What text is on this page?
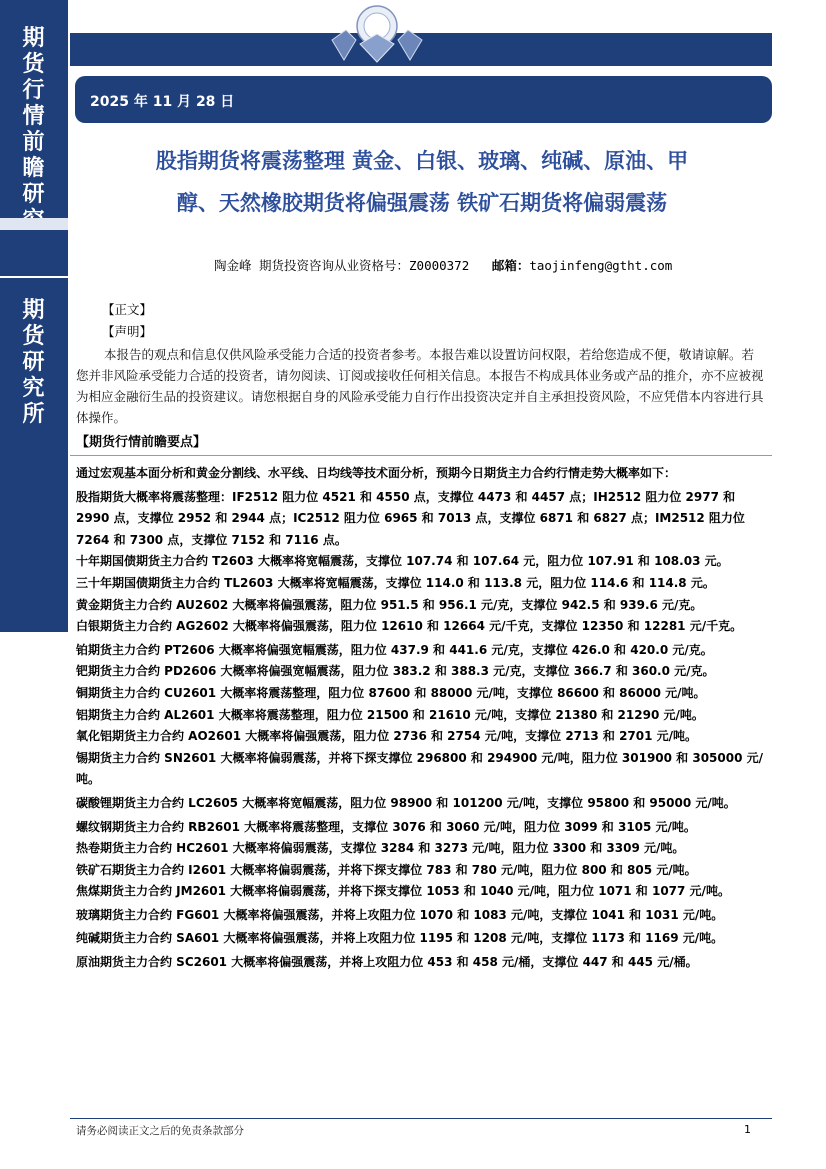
期货行情前瞻研
期货研究所
2025 年 11 月 28 日
股指期货将震荡整理 黄金、白银、玻璃、纯碱、原油、甲
醇、天然橡胶期货将偏强震荡 铁矿石期货将偏弱震荡
陶金峰 期货投资咨询从业资格号：Z0000372 邮箱：taojinfeng@gtht.com
【正文】
【声明】
本报告的观点和信息仅供风险承受能力合适的投资者参考。本报告难以设置访问权限，若给您造成不便，敬请谅解。若您并非风险承受能力合适的投资者，请勿阅读、订阅或接收任何相关信息。本报告不构成具体业务或产品的推介，亦不应被视为相应金融衍生品的投资建议。请您根据自身的风险承受能力自行作出投资决定并自主承担投资风险，不应凭借本内容进行具体操作。
【期货行情前瞻要点】

通过宏观基本面分析和黄金分割线、水平线、日均线等技术面分析，预期今日期货主力合约行情走势大概率如下：

股指期货大概率将震荡整理：IF2512 阻力位 4521 和 4550 点，支撑位 4473 和 4457 点；IH2512 阻力位 2977 和 2990 点，支撑位 2952 和 2944 点；IC2512 阻力位 6965 和 7013 点，支撑位 6871 和 6827 点；IM2512 阻力位 7264 和 7300 点，支撑位 7152 和 7116 点。

十年期国债期货主力合约 T2603 大概率将宽幅震荡，支撑位 107.74 和 107.64 元，阻力位 107.91 和 108.03 元。

三十年期国债期货主力合约 TL2603 大概率将宽幅震荡，支撑位 114.0 和 113.8 元，阻力位 114.6 和 114.8 元。

黄金期货主力合约 AU2602 大概率将偏强震荡，阻力位 951.5 和 956.1 元/克，支撑位 942.5 和 939.6 元/克。

白银期货主力合约 AG2602 大概率将偏强震荡，阻力位 12610 和 12664 元/千克，支撑位 12350 和 12281 元/千克。

铂期货主力合约 PT2606 大概率将偏强宽幅震荡，阻力位 437.9 和 441.6 元/克，支撑位 426.0 和 420.0 元/克。

钯期货主力合约 PD2606 大概率将偏强宽幅震荡，阻力位 383.2 和 388.3 元/克，支撑位 366.7 和 360.0 元/克。

铜期货主力合约 CU2601 大概率将震荡整理，阻力位 87600 和 88000 元/吨，支撑位 86600 和 86000 元/吨。

铝期货主力合约 AL2601 大概率将震荡整理，阻力位 21500 和 21610 元/吨，支撑位 21380 和 21290 元/吨。

氧化铝期货主力合约 AO2601 大概率将偏强震荡，阻力位 2736 和 2754 元/吨，支撑位 2713 和 2701 元/吨。

锡期货主力合约 SN2601 大概率将偏弱震荡，并将下探支撑位 296800 和 294900 元/吨，阻力位 301900 和 305000 元/吨。

碳酸锂期货主力合约 LC2605 大概率将宽幅震荡，阻力位 98900 和 101200 元/吨，支撑位 95800 和 95000 元/吨。

螺纹钢期货主力合约 RB2601 大概率将震荡整理，支撑位 3076 和 3060 元/吨，阻力位 3099 和 3105 元/吨。

热卷期货主力合约 HC2601 大概率将偏弱震荡，支撑位 3284 和 3273 元/吨，阻力位 3300 和 3309 元/吨。

铁矿石期货主力合约 I2601 大概率将偏弱震荡，并将下探支撑位 783 和 780 元/吨，阻力位 800 和 805 元/吨。

焦煤期货主力合约 JM2601 大概率将偏弱震荡，并将下探支撑位 1053 和 1040 元/吨，阻力位 1071 和 1077 元/吨。

玻璃期货主力合约 FG601 大概率将偏强震荡，并将上攻阻力位 1070 和 1083 元/吨，支撑位 1041 和 1031 元/吨。

纯碱期货主力合约 SA601 大概率将偏强震荡，并将上攻阻力位 1195 和 1208 元/吨，支撑位 1173 和 1169 元/吨。

原油期货主力合约 SC2601 大概率将偏强震荡，并将上攻阻力位 453 和 458 元/桶，支撑位 447 和 445 元/桶。

请务必阅读正文之后的免责条款部分	1
